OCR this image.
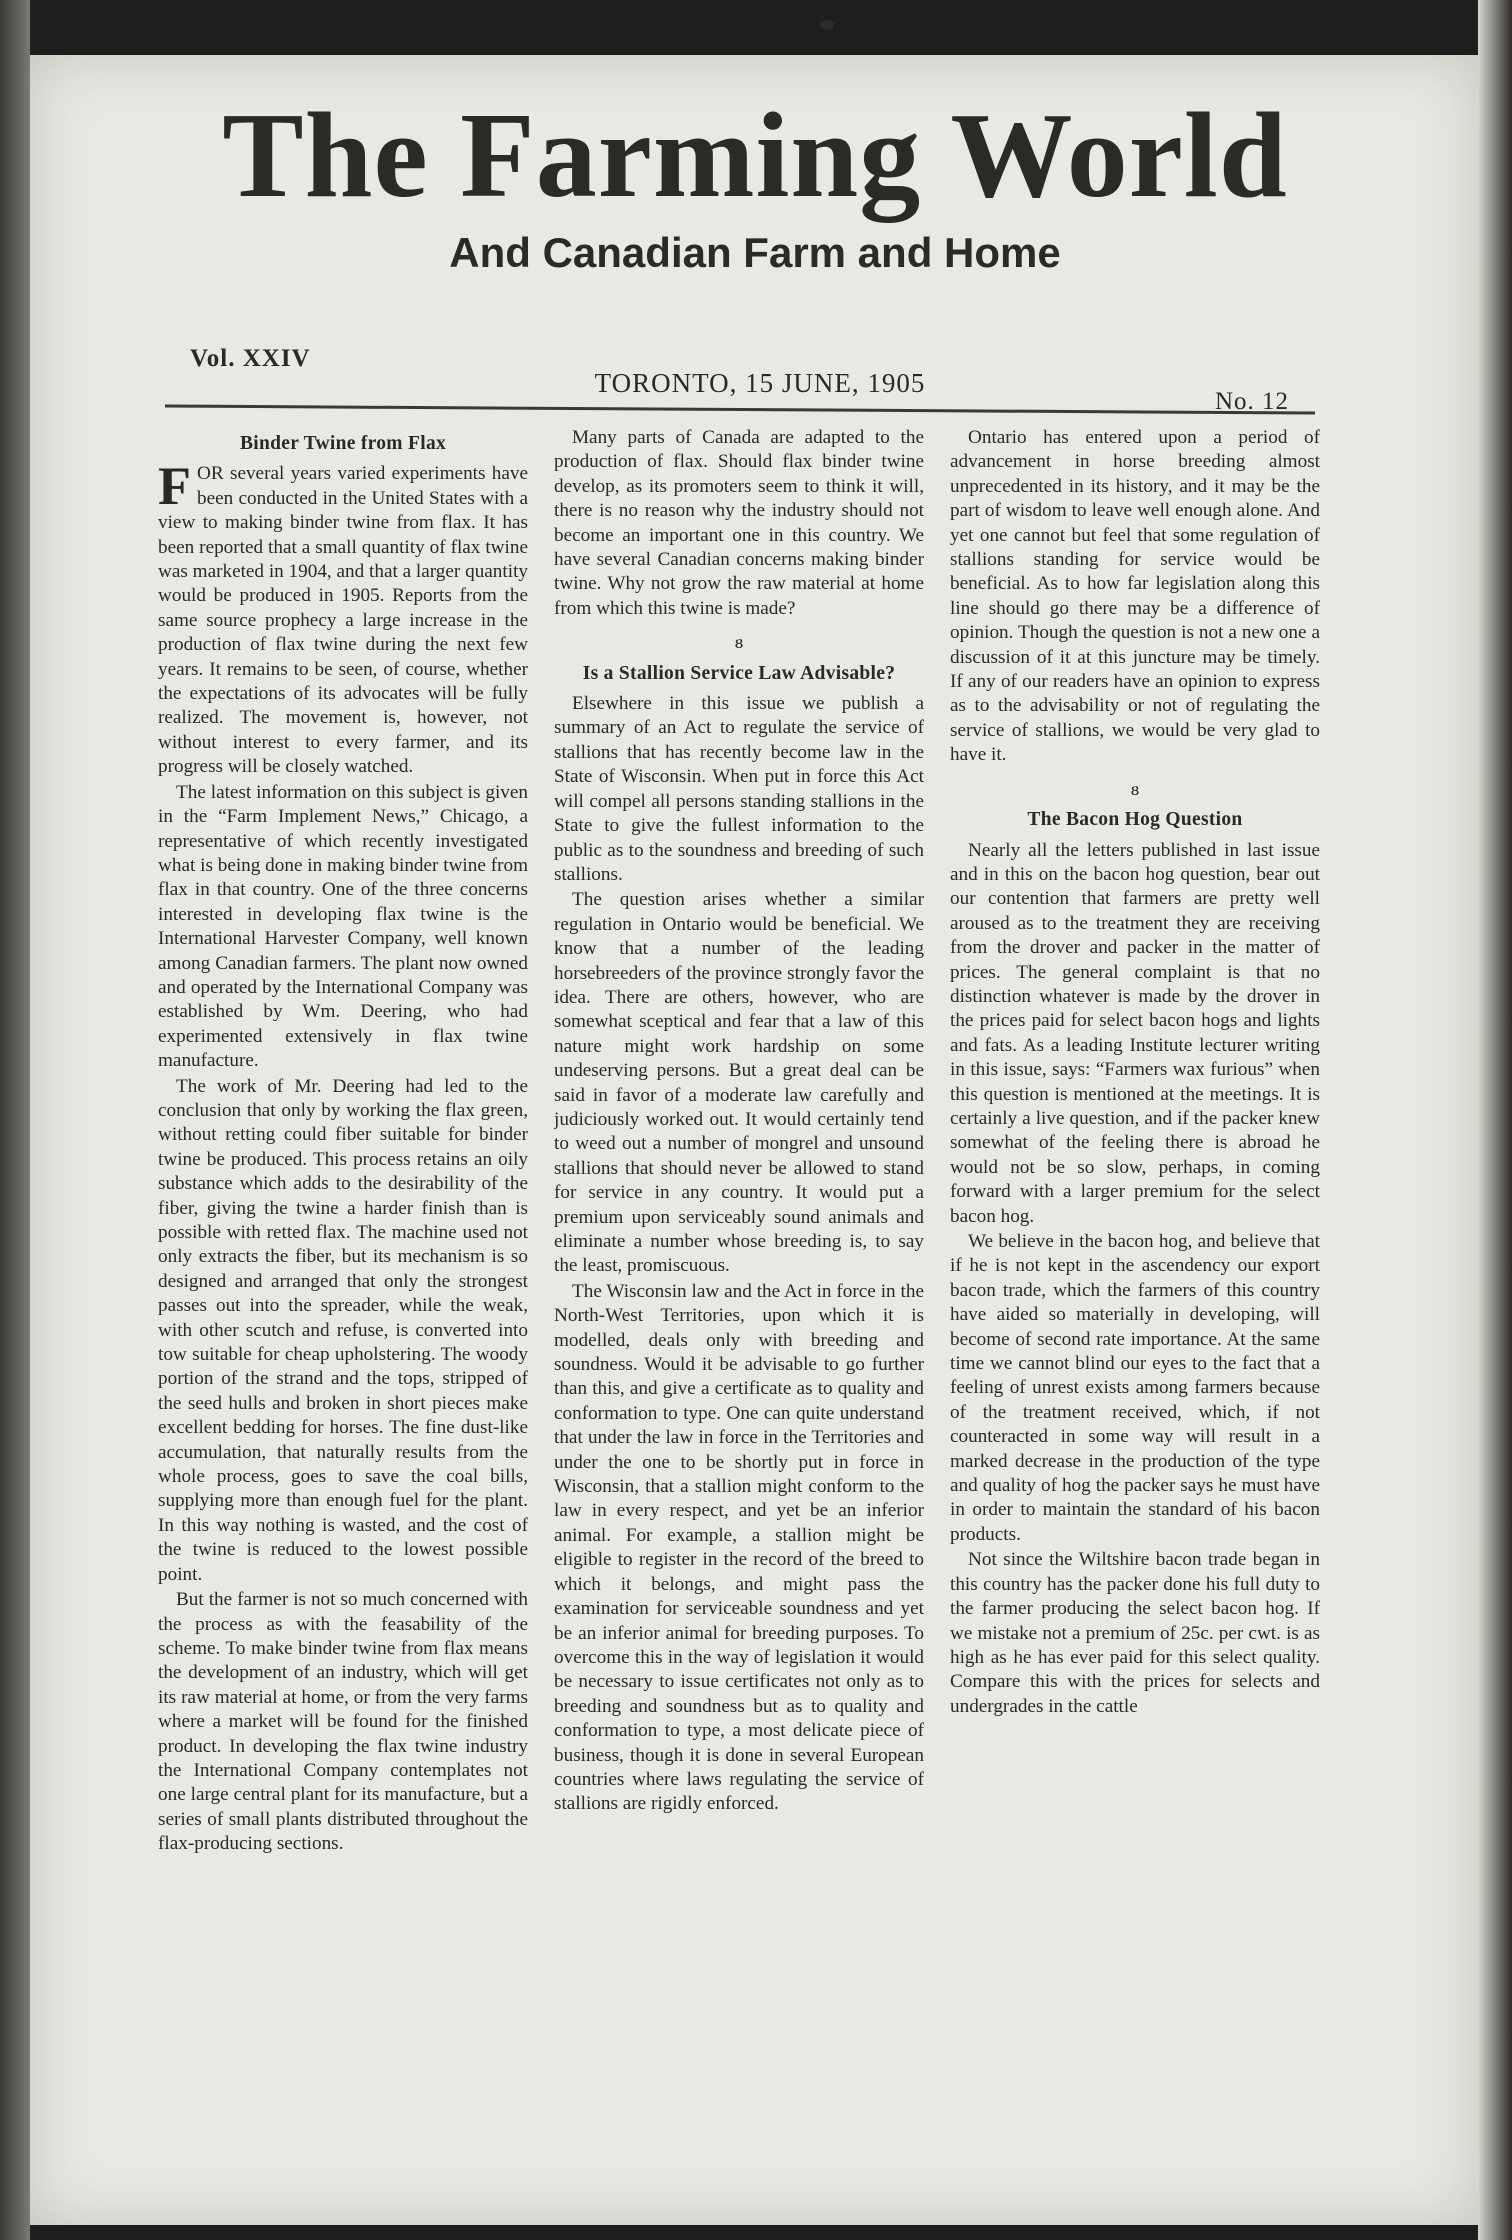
The Farming World
And Canadian Farm and Home
Vol. XXIV
TORONTO, 15 JUNE, 1905
No. 12
Binder Twine from Flax

FOR several years varied experiments have been conducted in the United States with a view to making binder twine from flax. It has been reported that a small quantity of flax twine was marketed in 1904, and that a larger quantity would be produced in 1905. Reports from the same source prophecy a large increase in the production of flax twine during the next few years. It remains to be seen, of course, whether the expectations of its advocates will be fully realized. The movement is, however, not without interest to every farmer, and its progress will be closely watched.

The latest information on this subject is given in the “Farm Implement News,” Chicago, a representative of which recently investigated what is being done in making binder twine from flax in that country. One of the three concerns interested in developing flax twine is the International Harvester Company, well known among Canadian farmers. The plant now owned and operated by the International Company was established by Wm. Deering, who had experimented extensively in flax twine manufacture.

The work of Mr. Deering had led to the conclusion that only by working the flax green, without retting could fiber suitable for binder twine be produced. This process retains an oily substance which adds to the desirability of the fiber, giving the twine a harder finish than is possible with retted flax. The machine used not only extracts the fiber, but its mechanism is so designed and arranged that only the strongest passes out into the spreader, while the weak, with other scutch and refuse, is converted into tow suitable for cheap upholstering. The woody portion of the strand and the tops, stripped of the seed hulls and broken in short pieces make excellent bedding for horses. The fine dust-like accumulation, that naturally results from the whole process, goes to save the coal bills, supplying more than enough fuel for the plant. In this way nothing is wasted, and the cost of the twine is reduced to the lowest possible point.

But the farmer is not so much concerned with the process as with the feasability of the scheme. To make binder twine from flax means the development of an industry, which will get its raw material at home, or from the very farms where a market will be found for the finished product. In developing the flax twine industry the International Company contemplates not one large central plant for its manufacture, but a series of small plants distributed throughout the flax-producing sections.

Many parts of Canada are adapted to the production of flax. Should flax binder twine develop, as its promoters seem to think it will, there is no reason why the industry should not become an important one in this country. We have several Canadian concerns making binder twine. Why not grow the raw material at home from which this twine is made?

ᴕ
Is a Stallion Service Law Advisable?

Elsewhere in this issue we publish a summary of an Act to regulate the service of stallions that has recently become law in the State of Wisconsin. When put in force this Act will compel all persons standing stallions in the State to give the fullest information to the public as to the soundness and breeding of such stallions.

The question arises whether a similar regulation in Ontario would be beneficial. We know that a number of the leading horsebreeders of the province strongly favor the idea. There are others, however, who are somewhat sceptical and fear that a law of this nature might work hardship on some undeserving persons. But a great deal can be said in favor of a moderate law carefully and judiciously worked out. It would certainly tend to weed out a number of mongrel and unsound stallions that should never be allowed to stand for service in any country. It would put a premium upon serviceably sound animals and eliminate a number whose breeding is, to say the least, promiscuous.

The Wisconsin law and the Act in force in the North-West Territories, upon which it is modelled, deals only with breeding and soundness. Would it be advisable to go further than this, and give a certificate as to quality and conformation to type. One can quite understand that under the law in force in the Territories and under the one to be shortly put in force in Wisconsin, that a stallion might conform to the law in every respect, and yet be an inferior animal. For example, a stallion might be eligible to register in the record of the breed to which it belongs, and might pass the examination for serviceable soundness and yet be an inferior animal for breeding purposes. To overcome this in the way of legislation it would be necessary to issue certificates not only as to breeding and soundness but as to quality and conformation to type, a most delicate piece of business, though it is done in several European countries where laws regulating the service of stallions are rigidly enforced.

Ontario has entered upon a period of advancement in horse breeding almost unprecedented in its history, and it may be the part of wisdom to leave well enough alone. And yet one cannot but feel that some regulation of stallions standing for service would be beneficial. As to how far legislation along this line should go there may be a difference of opinion. Though the question is not a new one a discussion of it at this juncture may be timely. If any of our readers have an opinion to express as to the advisability or not of regulating the service of stallions, we would be very glad to have it.

ᴕ
The Bacon Hog Question

Nearly all the letters published in last issue and in this on the bacon hog question, bear out our contention that farmers are pretty well aroused as to the treatment they are receiving from the drover and packer in the matter of prices. The general complaint is that no distinction whatever is made by the drover in the prices paid for select bacon hogs and lights and fats. As a leading Institute lecturer writing in this issue, says: “Farmers wax furious” when this question is mentioned at the meetings. It is certainly a live question, and if the packer knew somewhat of the feeling there is abroad he would not be so slow, perhaps, in coming forward with a larger premium for the select bacon hog.

We believe in the bacon hog, and believe that if he is not kept in the ascendency our export bacon trade, which the farmers of this country have aided so materially in developing, will become of second rate importance. At the same time we cannot blind our eyes to the fact that a feeling of unrest exists among farmers because of the treatment received, which, if not counteracted in some way will result in a marked decrease in the production of the type and quality of hog the packer says he must have in order to maintain the standard of his bacon products.

Not since the Wiltshire bacon trade began in this country has the packer done his full duty to the farmer producing the select bacon hog. If we mistake not a premium of 25c. per cwt. is as high as he has ever paid for this select quality. Compare this with the prices for selects and undergrades in the cattle
